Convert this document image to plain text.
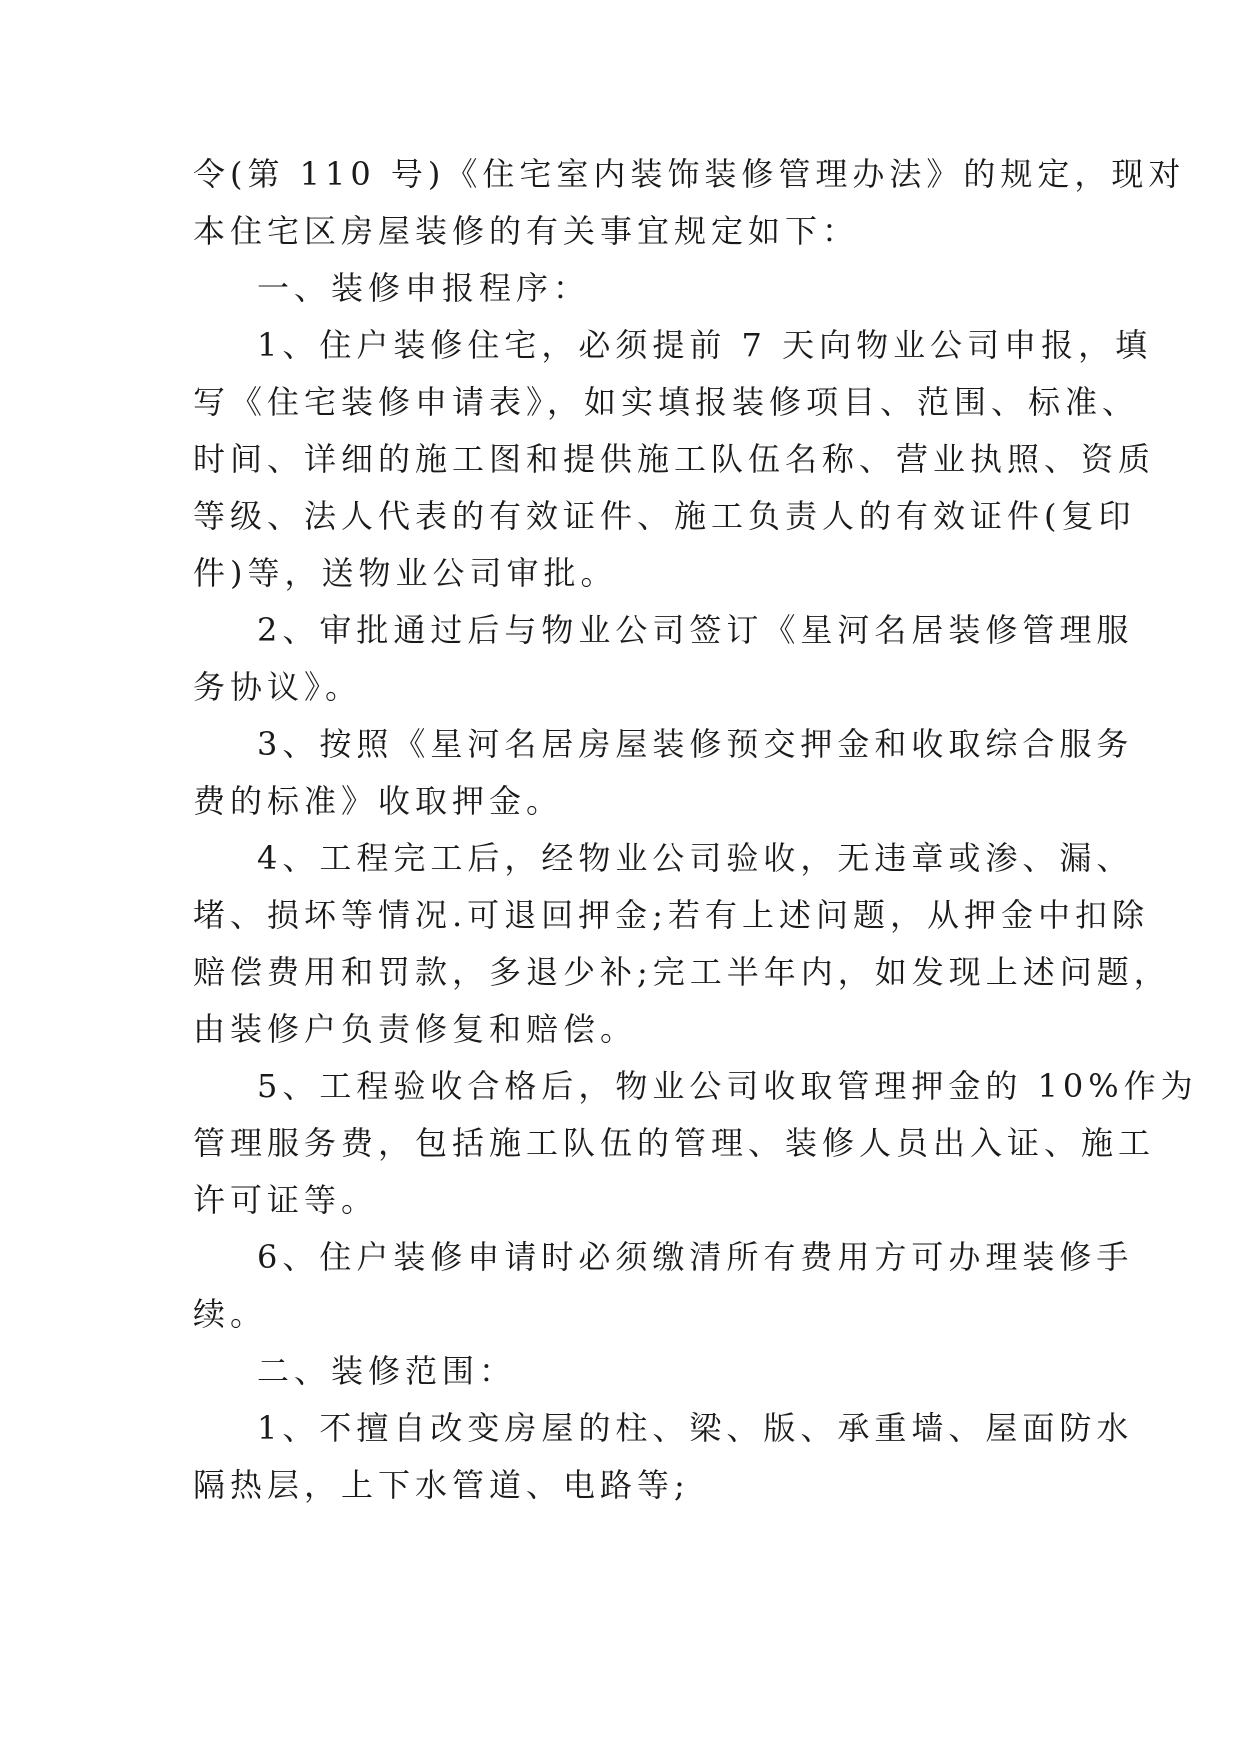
令(第 110 号)《住宅室内装饰装修管理办法》的规定，现对
本住宅区房屋装修的有关事宜规定如下：
一、装修申报程序：
1、住户装修住宅，必须提前 7 天向物业公司申报，填
写《住宅装修申请表》，如实填报装修项目、范围、标准、
时间、详细的施工图和提供施工队伍名称、营业执照、资质
等级、法人代表的有效证件、施工负责人的有效证件(复印
件)等，送物业公司审批。
2、审批通过后与物业公司签订《星河名居装修管理服
务协议》。
3、按照《星河名居房屋装修预交押金和收取综合服务
费的标准》收取押金。
4、工程完工后，经物业公司验收，无违章或渗、漏、
堵、损坏等情况.可退回押金;若有上述问题，从押金中扣除
赔偿费用和罚款，多退少补;完工半年内，如发现上述问题，
由装修户负责修复和赔偿。
5、工程验收合格后，物业公司收取管理押金的 10%作为
管理服务费，包括施工队伍的管理、装修人员出入证、施工
许可证等。
6、住户装修申请时必须缴清所有费用方可办理装修手
续。
二、装修范围：
1、不擅自改变房屋的柱、梁、版、承重墙、屋面防水
隔热层，上下水管道、电路等;
